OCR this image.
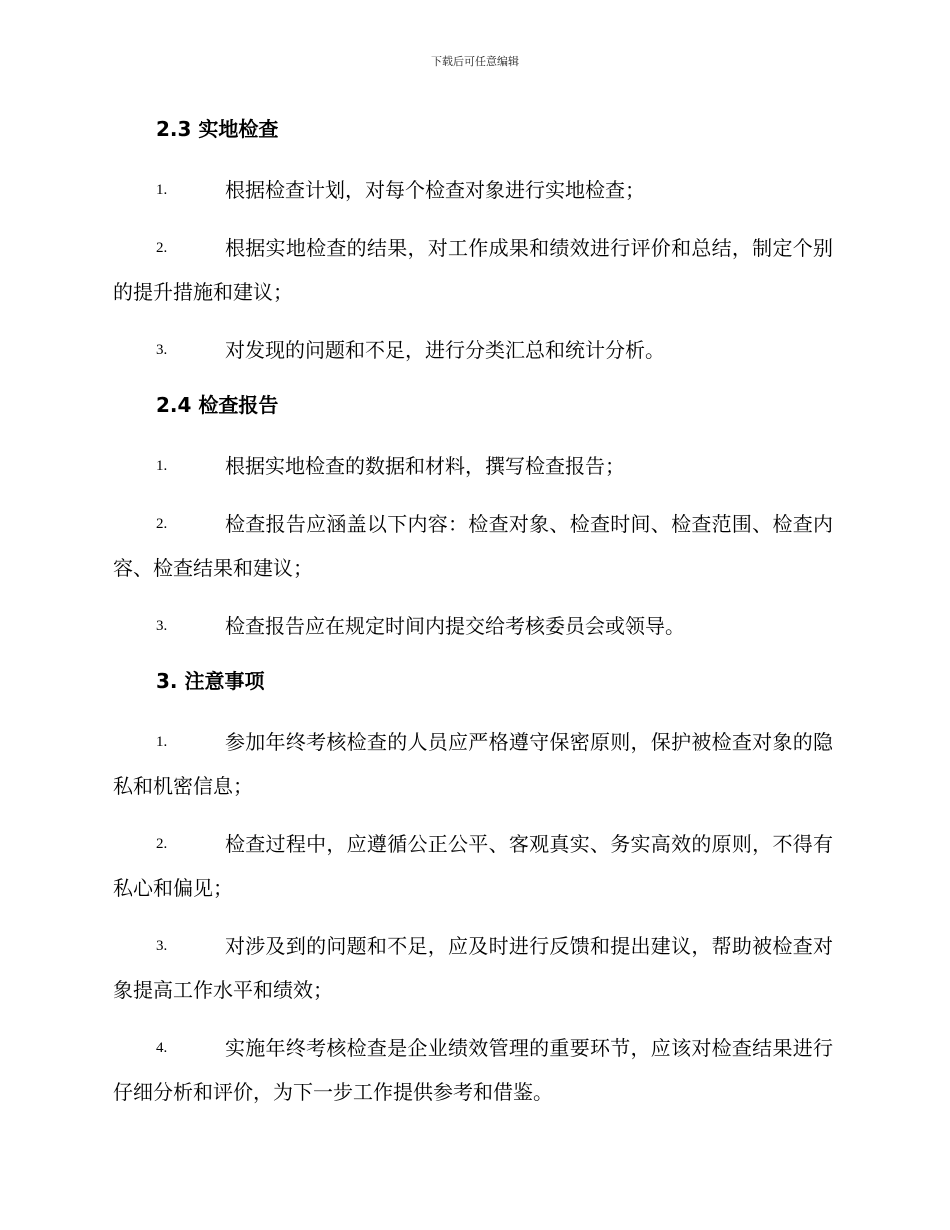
下载后可任意编辑
2.3 实地检查

1.	根据检查计划，对每个检查对象进行实地检查；

2.	根据实地检查的结果，对工作成果和绩效进行评价和总结，制定个别的提升措施和建议；

3.	对发现的问题和不足，进行分类汇总和统计分析。

2.4 检查报告

1.	根据实地检查的数据和材料，撰写检查报告；

2.	检查报告应涵盖以下内容：检查对象、检查时间、检查范围、检查内容、检查结果和建议；

3.	检查报告应在规定时间内提交给考核委员会或领导。

3. 注意事项

1.	参加年终考核检查的人员应严格遵守保密原则，保护被检查对象的隐私和机密信息；

2.	检查过程中，应遵循公正公平、客观真实、务实高效的原则，不得有私心和偏见；

3.	对涉及到的问题和不足，应及时进行反馈和提出建议，帮助被检查对象提高工作水平和绩效；

4.	实施年终考核检查是企业绩效管理的重要环节，应该对检查结果进行仔细分析和评价，为下一步工作提供参考和借鉴。
